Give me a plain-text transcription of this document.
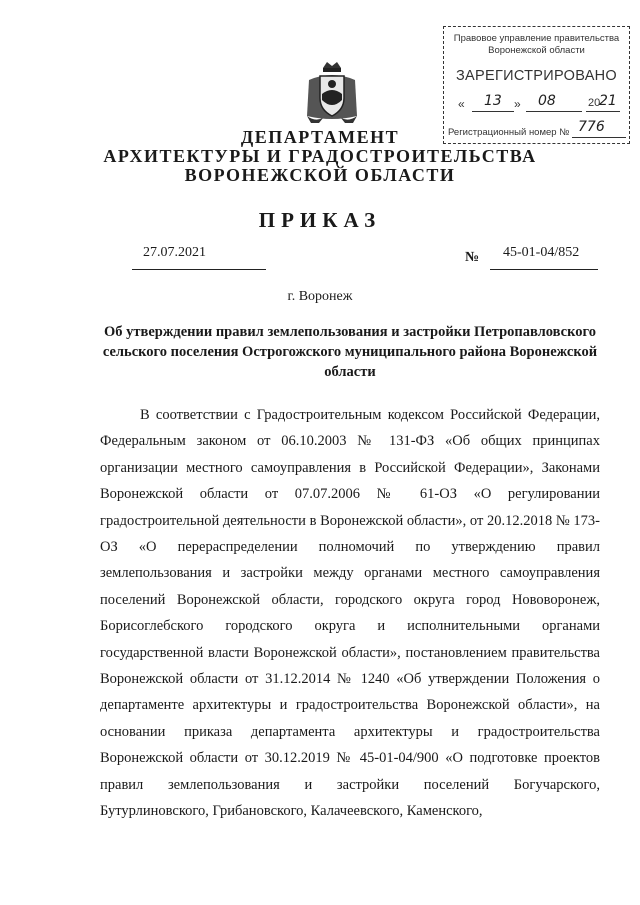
Правовое управление правительства
Воронежской области
ЗАРЕГИСТРИРОВАНО
« 13 » 08	20
21
Регистрационный номер № 776
ДЕПАРТАМЕНТ
АРХИТЕКТУРЫ И ГРАДОСТРОИТЕЛЬСТВА
ВОРОНЕЖСКОЙ ОБЛАСТИ
ПРИКАЗ
27.07.2021	№ 45-01-04/852
г. Воронеж
Об утверждении правил землепользования и застройки Петропавловского сельского поселения Острогожского муниципального района Воронежской области
В соответствии с Градостроительным кодексом Российской Федерации, Федеральным законом от 06.10.2003 № 131-ФЗ «Об общих принципах организации местного самоуправления в Российской Федерации», Законами Воронежской области от 07.07.2006 № 61-ОЗ «О регулировании градостроительной деятельности в Воронежской области», от 20.12.2018 № 173-ОЗ «О перераспределении полномочий по утверждению правил землепользования и застройки между органами местного самоуправления поселений Воронежской области, городского округа город Нововоронеж, Борисоглебского городского округа и исполнительными органами государственной власти Воронежской области», постановлением правительства Воронежской области от 31.12.2014 № 1240 «Об утверждении Положения о департаменте архитектуры и градостроительства Воронежской области», на основании приказа департамента архитектуры и градостроительства Воронежской области от 30.12.2019 № 45-01-04/900 «О подготовке проектов правил землепользования и застройки поселений Богучарского, Бутурлиновского, Грибановского, Калачеевского, Каменского,
